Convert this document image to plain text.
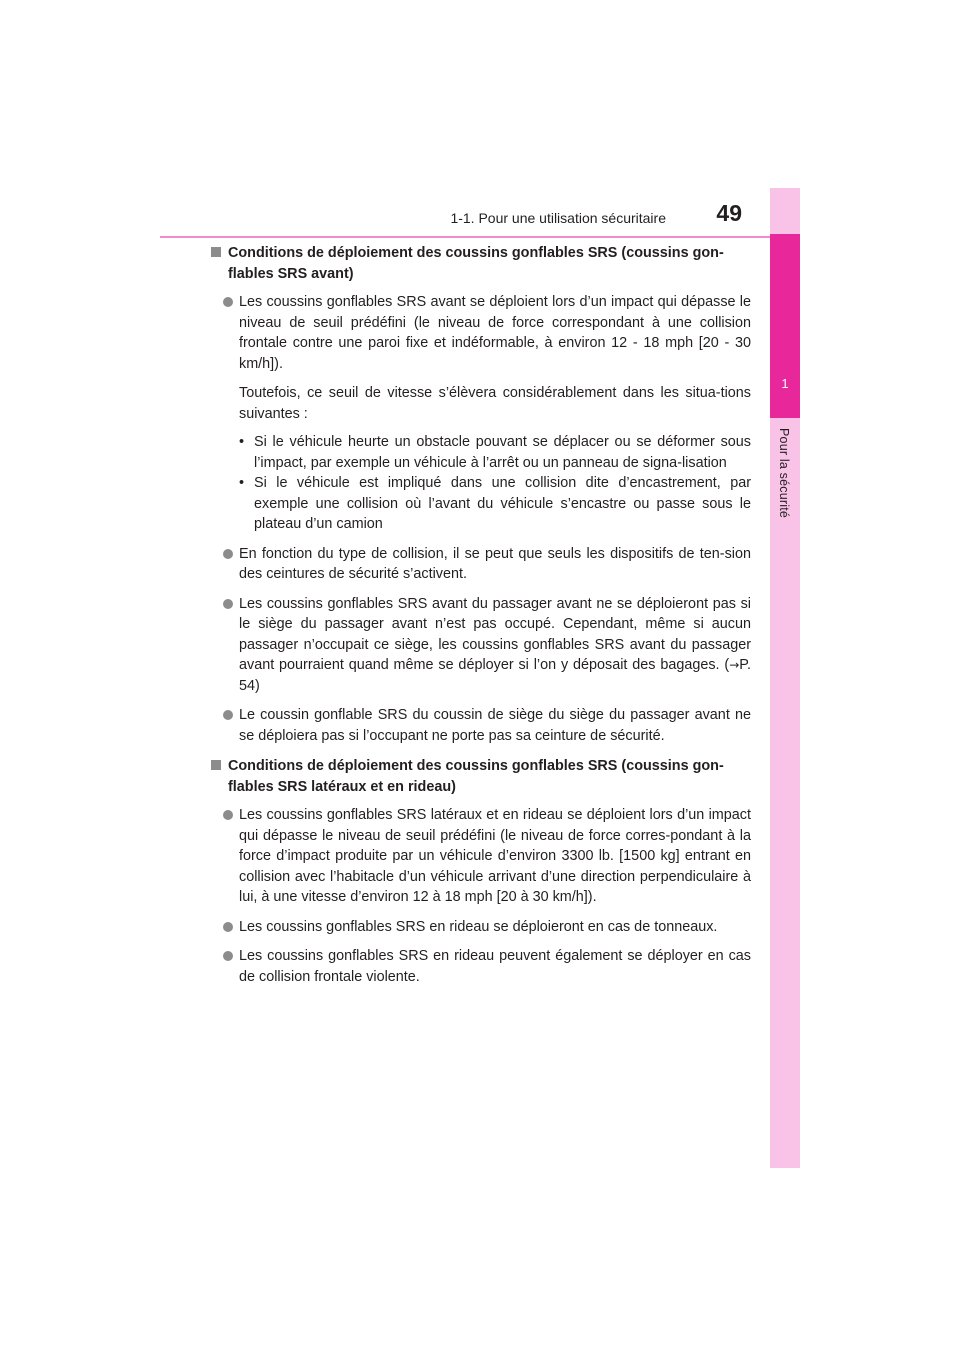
1-1. Pour une utilisation sécuritaire 49
1
Pour la sécurité
Conditions de déploiement des coussins gonflables SRS (coussins gon-flables SRS avant)

Les coussins gonflables SRS avant se déploient lors d’un impact qui dépasse le niveau de seuil prédéfini (le niveau de force correspondant à une collision frontale contre une paroi fixe et indéformable, à environ 12 - 18 mph [20 - 30 km/h]).

Toutefois, ce seuil de vitesse s’élèvera considérablement dans les situa-tions suivantes :

• Si le véhicule heurte un obstacle pouvant se déplacer ou se déformer sous l’impact, par exemple un véhicule à l’arrêt ou un panneau de signa-lisation
• Si le véhicule est impliqué dans une collision dite d’encastrement, par exemple une collision où l’avant du véhicule s’encastre ou passe sous le plateau d’un camion

En fonction du type de collision, il se peut que seuls les dispositifs de ten-sion des ceintures de sécurité s’activent.

Les coussins gonflables SRS avant du passager avant ne se déploieront pas si le siège du passager avant n’est pas occupé. Cependant, même si aucun passager n’occupait ce siège, les coussins gonflables SRS avant du passager avant pourraient quand même se déployer si l’on y déposait des bagages. (→P. 54)

Le coussin gonflable SRS du coussin de siège du siège du passager avant ne se déploiera pas si l’occupant ne porte pas sa ceinture de sécurité.

Conditions de déploiement des coussins gonflables SRS (coussins gon-flables SRS latéraux et en rideau)

Les coussins gonflables SRS latéraux et en rideau se déploient lors d’un impact qui dépasse le niveau de seuil prédéfini (le niveau de force corres-pondant à la force d’impact produite par un véhicule d’environ 3300 lb. [1500 kg] entrant en collision avec l’habitacle d’un véhicule arrivant d’une direction perpendiculaire à lui, à une vitesse d’environ 12 à 18 mph [20 à 30 km/h]).

Les coussins gonflables SRS en rideau se déploieront en cas de tonneaux.

Les coussins gonflables SRS en rideau peuvent également se déployer en cas de collision frontale violente.
